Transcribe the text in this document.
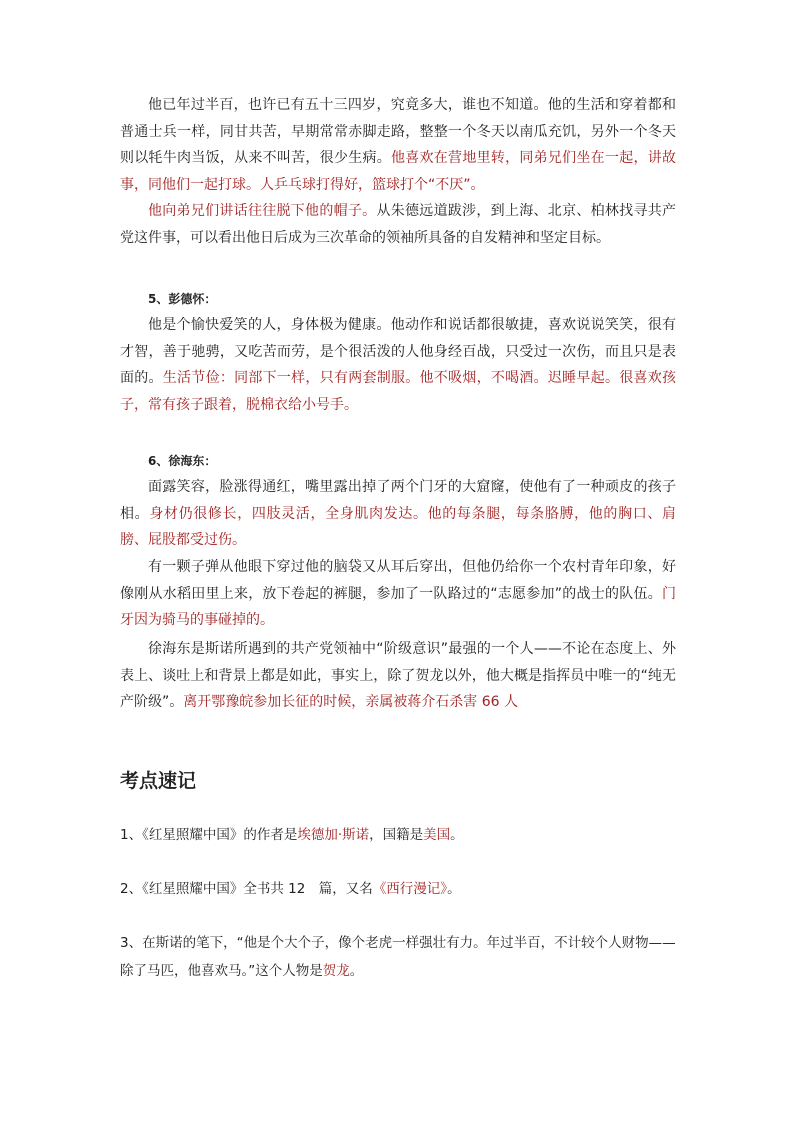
他已年过半百，也许已有五十三四岁，究竟多大，谁也不知道。他的生活和穿着都和普通士兵一样，同甘共苦，早期常常赤脚走路，整整一个冬天以南瓜充饥，另外一个冬天则以牦牛肉当饭，从来不叫苦，很少生病。他喜欢在营地里转，同弟兄们坐在一起，讲故事，同他们一起打球。人乒乓球打得好，篮球打个“不厌”。

他向弟兄们讲话往往脱下他的帽子。从朱德远道跋涉，到上海、北京、柏林找寻共产党这件事，可以看出他日后成为三次革命的领袖所具备的自发精神和坚定目标。

5、彭德怀：

他是个愉快爱笑的人，身体极为健康。他动作和说话都很敏捷，喜欢说说笑笑，很有才智，善于驰骋，又吃苦而劳，是个很活泼的人他身经百战，只受过一次伤，而且只是表面的。生活节俭：同部下一样，只有两套制服。他不吸烟，不喝酒。迟睡早起。很喜欢孩子，常有孩子跟着，脱棉衣给小号手。

6、徐海东：

面露笑容，脸涨得通红，嘴里露出掉了两个门牙的大窟窿，使他有了一种顽皮的孩子相。身材仍很修长，四肢灵活，全身肌肉发达。他的每条腿，每条胳膊，他的胸口、肩膀、屁股都受过伤。

有一颗子弹从他眼下穿过他的脑袋又从耳后穿出，但他仍给你一个农村青年印象，好像刚从水稻田里上来，放下卷起的裤腿，参加了一队路过的“志愿参加”的战士的队伍。门牙因为骑马的事碰掉的。

徐海东是斯诺所遇到的共产党领袖中“阶级意识”最强的一个人——不论在态度上、外表上、谈吐上和背景上都是如此，事实上，除了贺龙以外，他大概是指挥员中唯一的“纯无产阶级”。离开鄂豫皖参加长征的时候，亲属被蒋介石杀害 66 人

考点速记

1、《红星照耀中国》的作者是埃德加·斯诺，国籍是美国。

2、《红星照耀中国》全书共 12　篇，又名《西行漫记》。

3、在斯诺的笔下，“他是个大个子，像个老虎一样强壮有力。年过半百，不计较个人财物——除了马匹，他喜欢马。”这个人物是贺龙。
